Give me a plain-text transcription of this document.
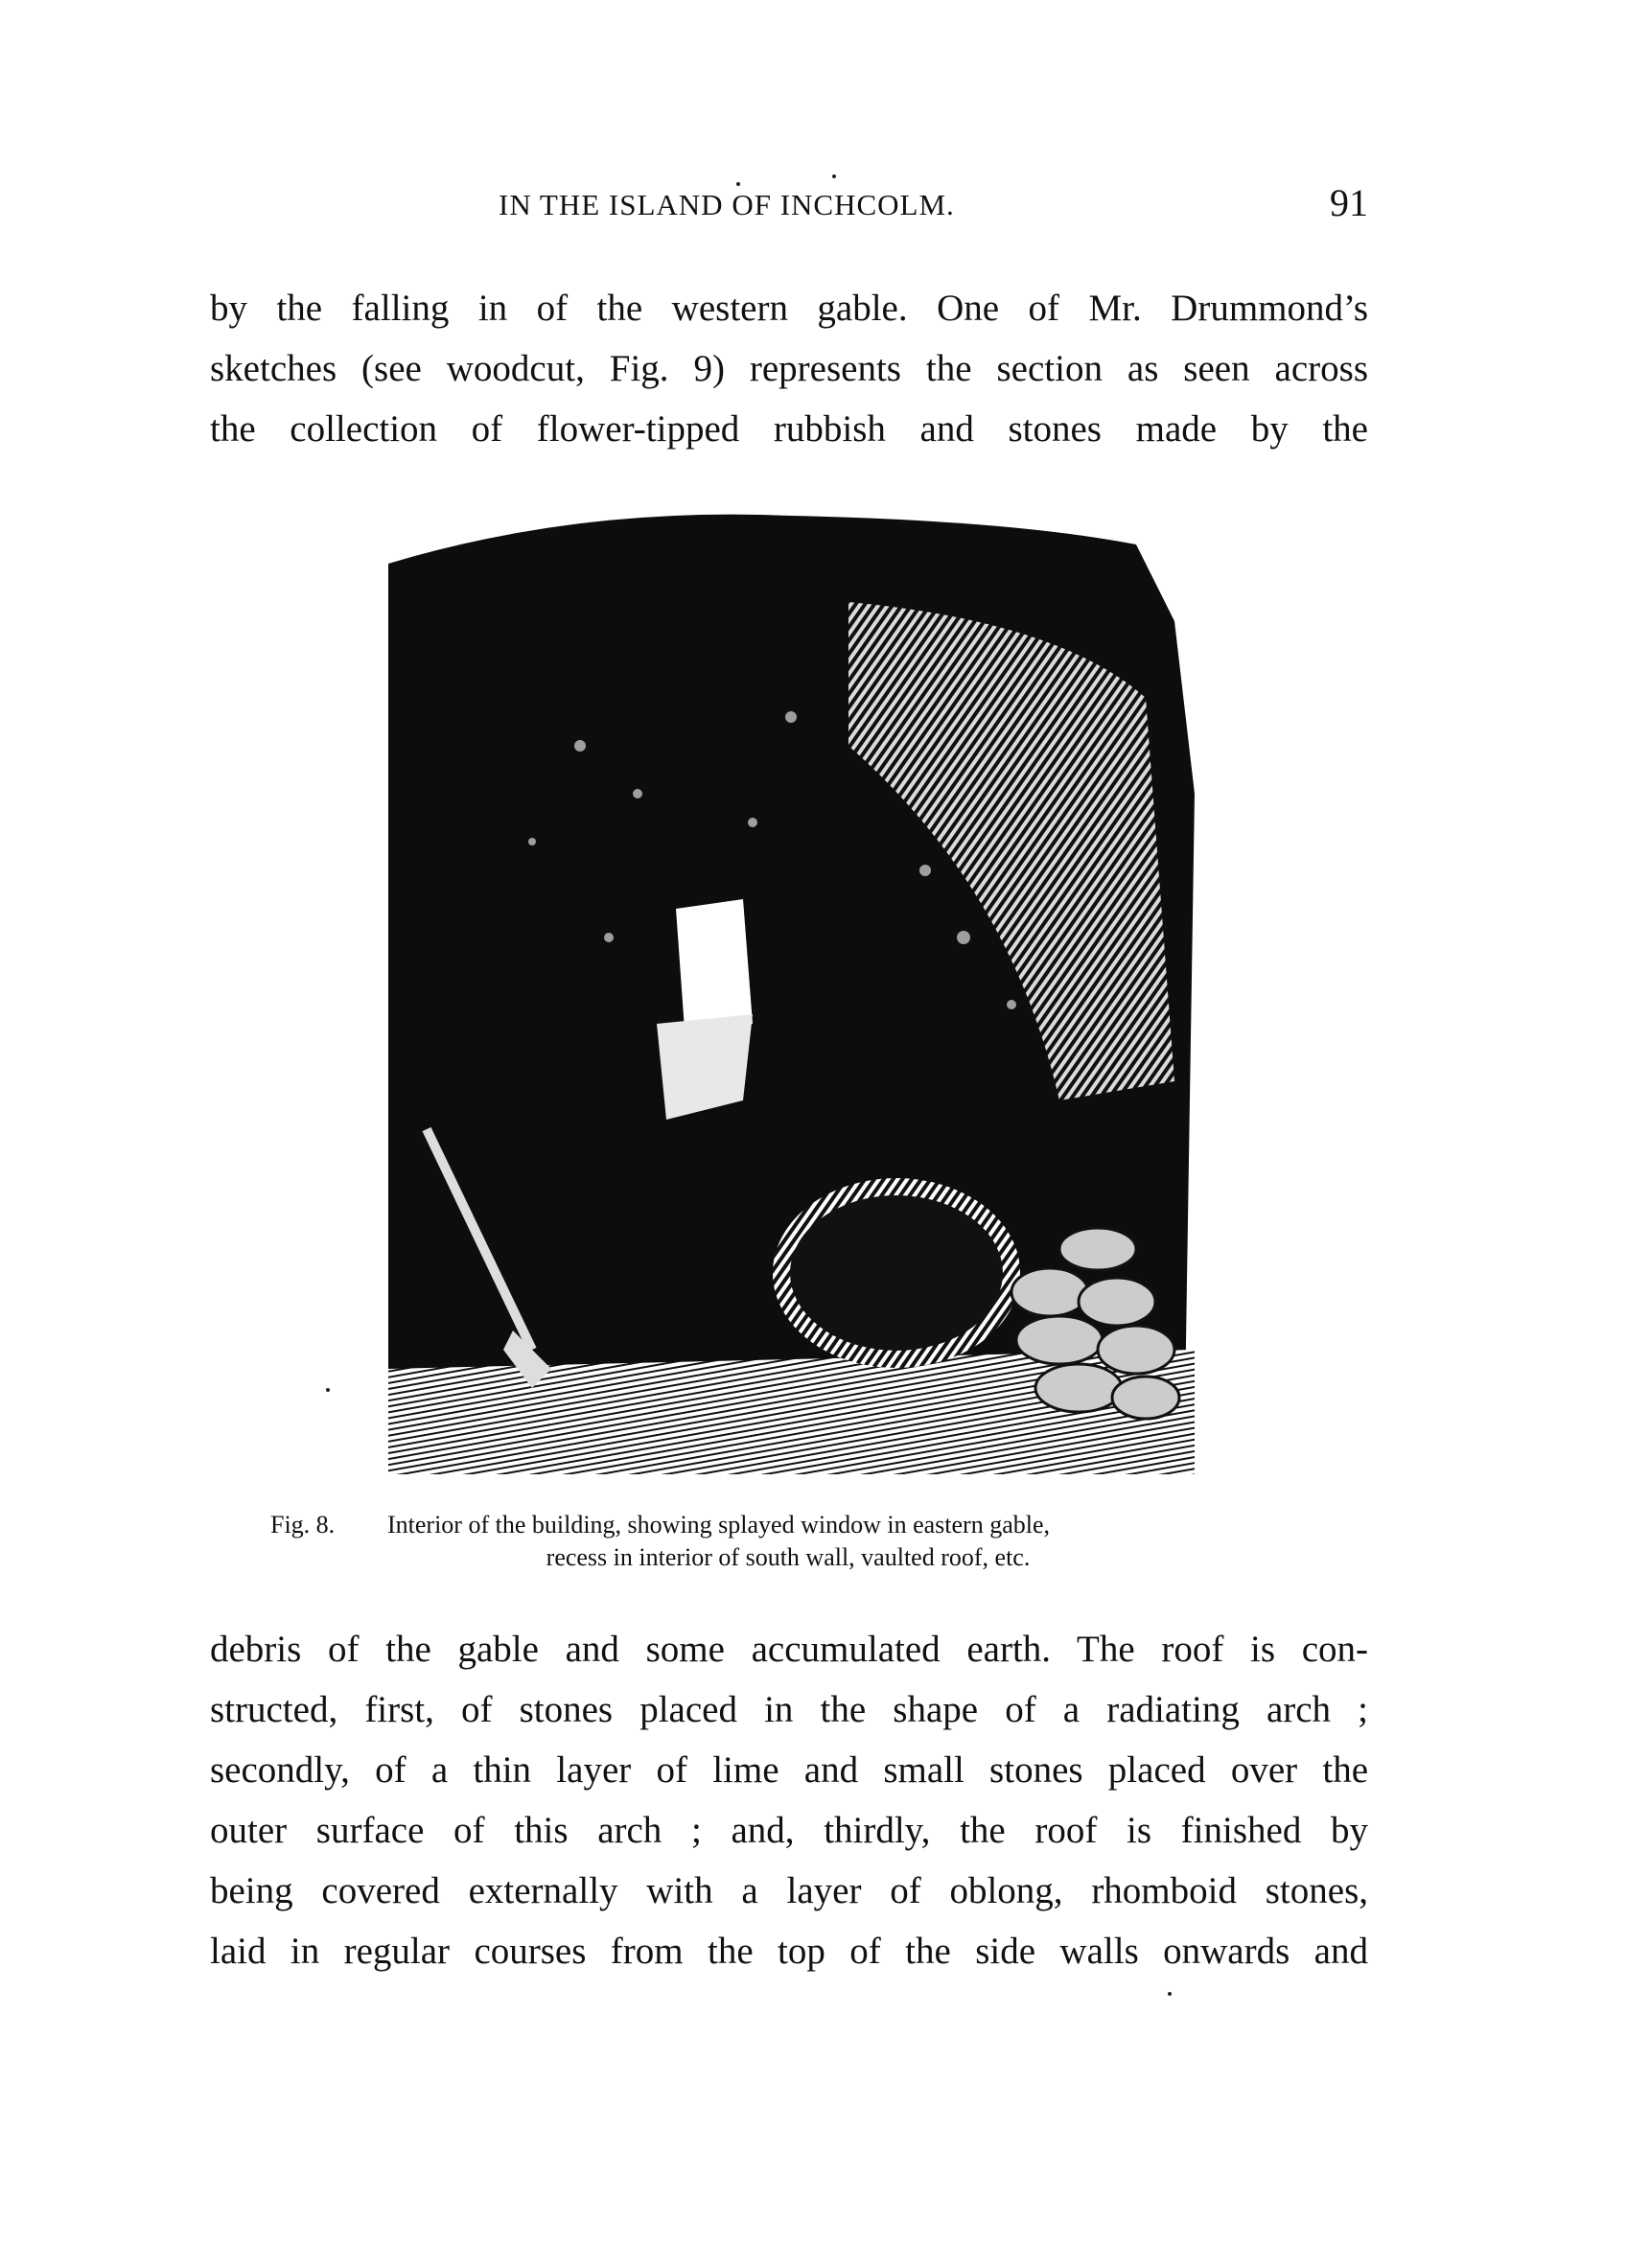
IN THE ISLAND OF INCHCOLM.	91
by the falling in of the western gable. One of Mr. Drummond’s
sketches (see woodcut, Fig. 9) represents the section as seen across
the collection of flower-tipped rubbish and stones made by the
Fig. 8. Interior of the building, showing splayed window in eastern gable,
recess in interior of south wall, vaulted roof, etc.
debris of the gable and some accumulated earth. The roof is con-
structed, first, of stones placed in the shape of a radiating arch ;
secondly, of a thin layer of lime and small stones placed over the
outer surface of this arch ; and, thirdly, the roof is finished by
being covered externally with a layer of oblong, rhomboid stones,
laid in regular courses from the top of the side walls onwards and
